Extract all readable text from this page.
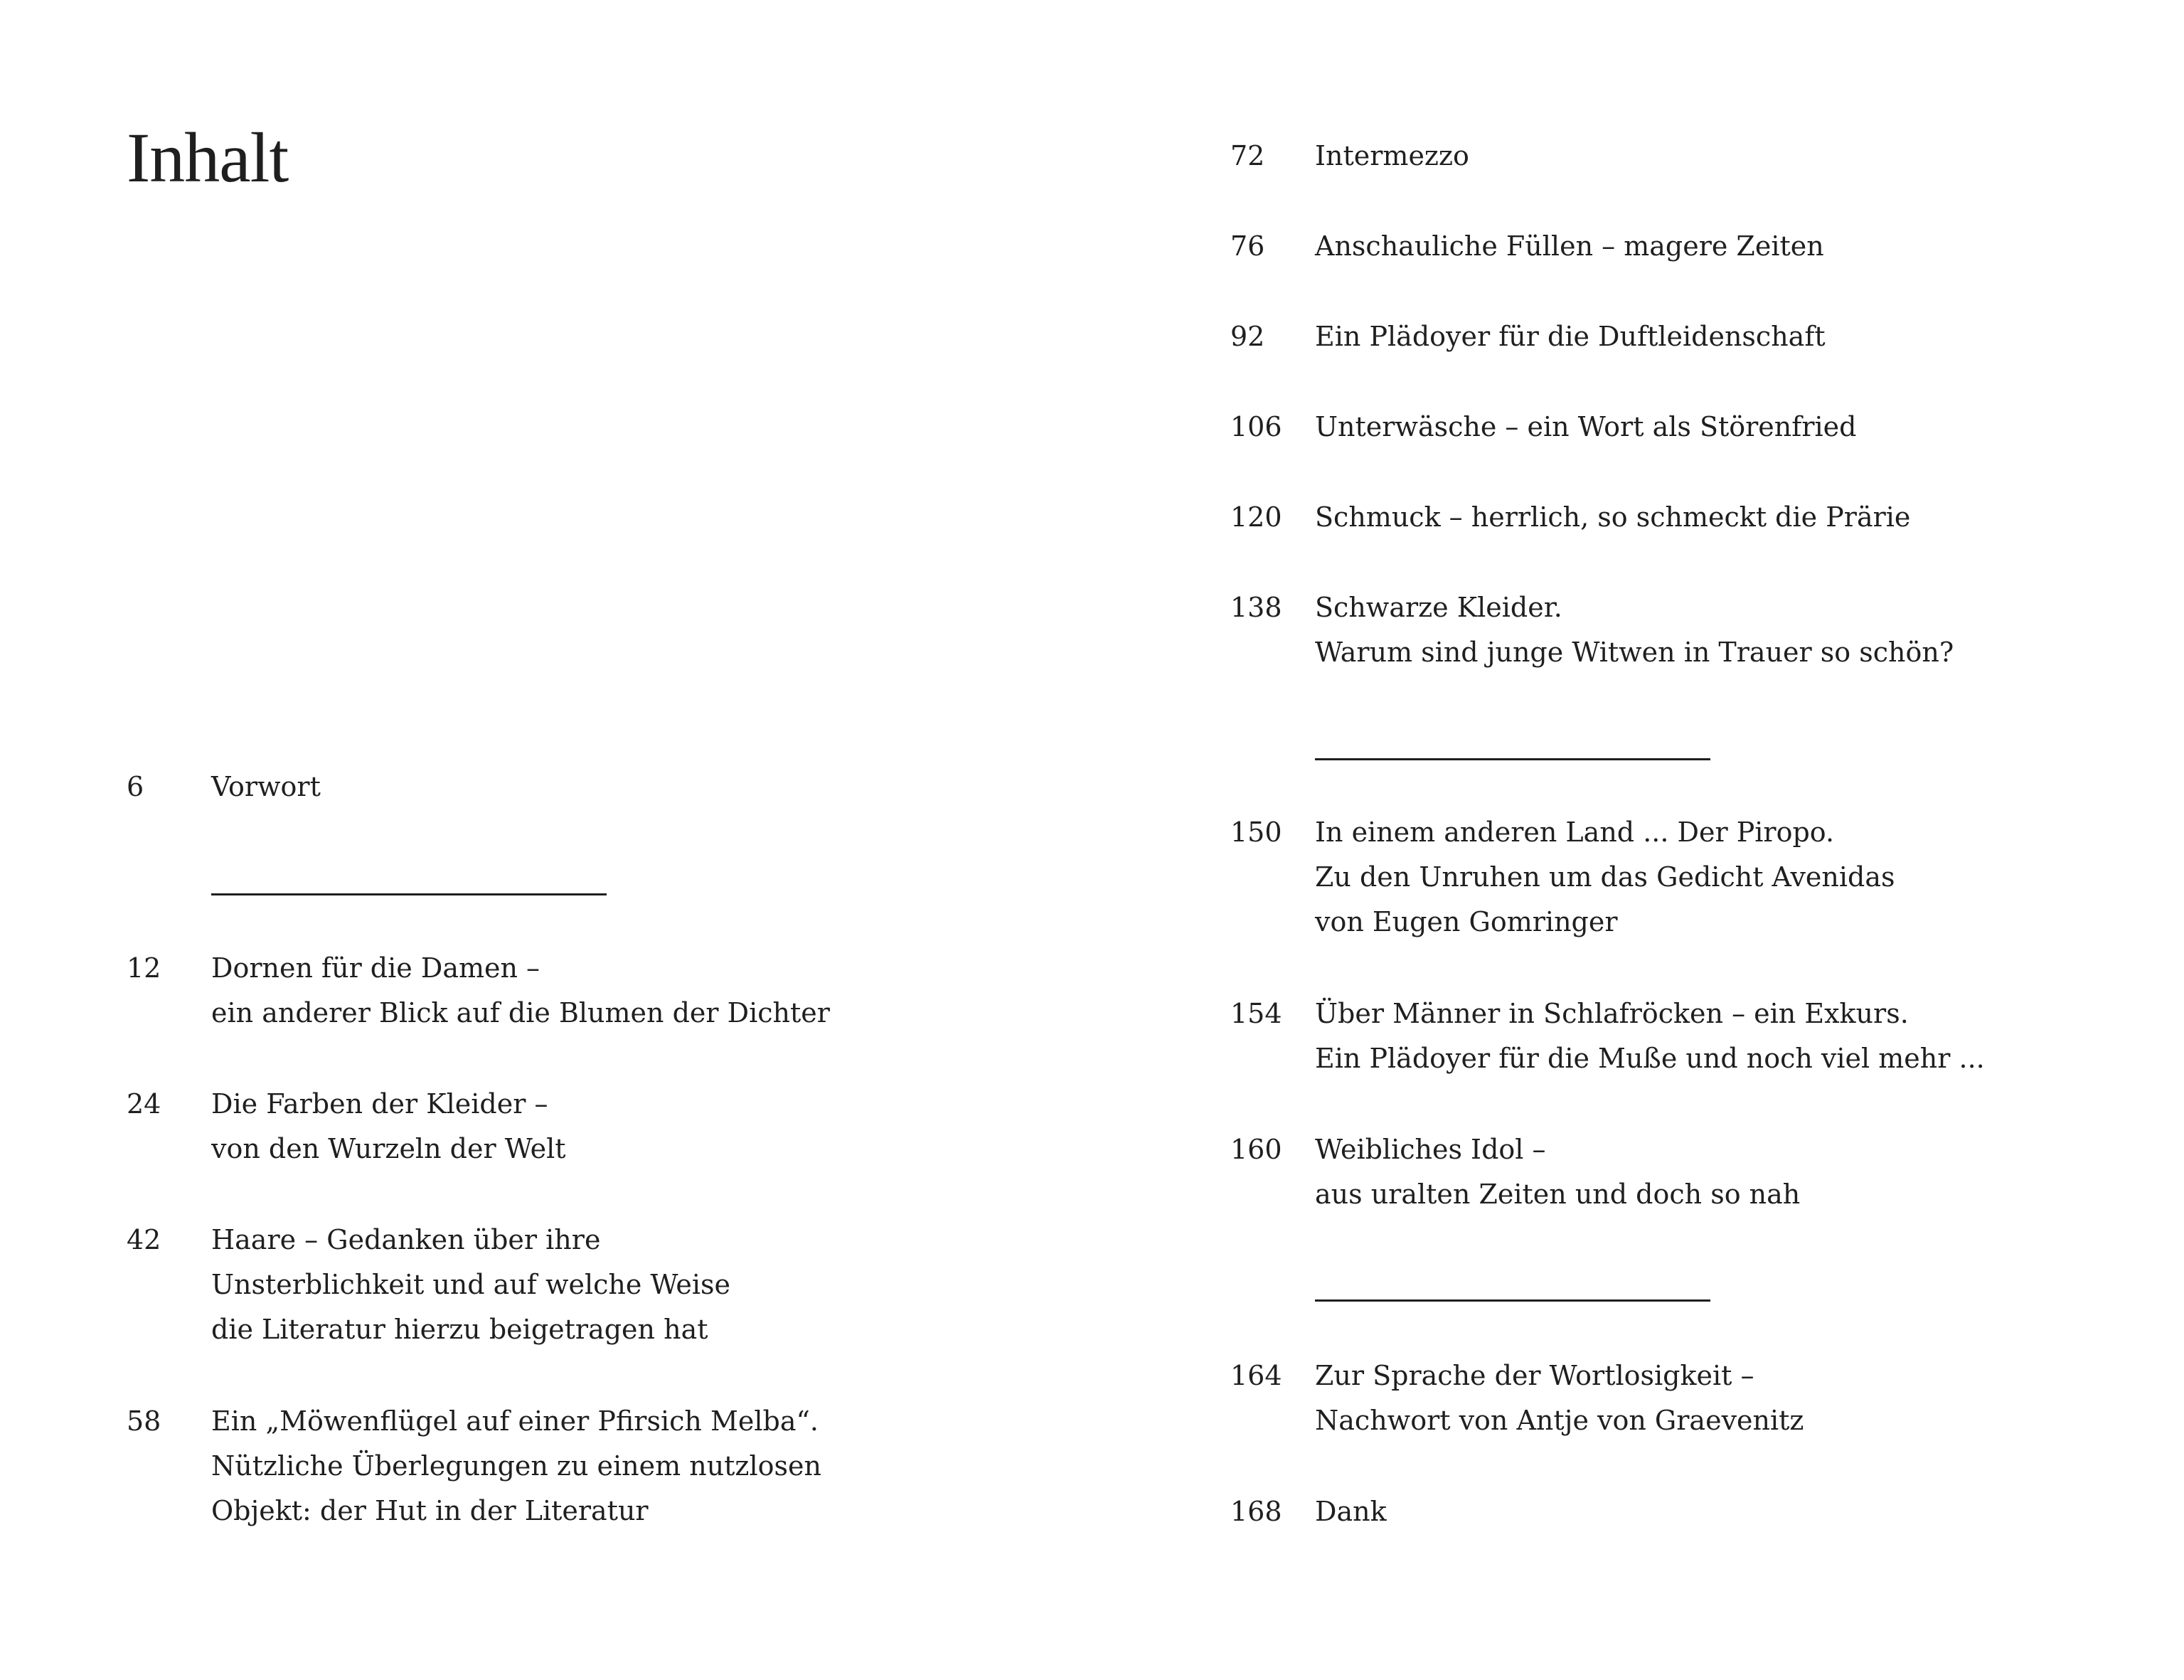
Inhalt
6 Vorwort
12 Dornen für die Damen –
ein anderer Blick auf die Blumen der Dichter
24 Die Farben der Kleider –
von den Wurzeln der Welt
42 Haare – Gedanken über ihre
Unsterblichkeit und auf welche Weise
die Literatur hierzu beigetragen hat
58 Ein „Möwenflügel auf einer Pfirsich Melba“.
Nützliche Überlegungen zu einem nutzlosen
Objekt: der Hut in der Literatur
72 Intermezzo
76 Anschauliche Füllen – magere Zeiten
92 Ein Plädoyer für die Duftleidenschaft
106 Unterwäsche – ein Wort als Störenfried
120 Schmuck – herrlich, so schmeckt die Prärie
138 Schwarze Kleider.
Warum sind junge Witwen in Trauer so schön?
150 In einem anderen Land ... Der Piropo.
Zu den Unruhen um das Gedicht Avenidas
von Eugen Gomringer
154 Über Männer in Schlafröcken – ein Exkurs.
Ein Plädoyer für die Muße und noch viel mehr ...
160 Weibliches Idol –
aus uralten Zeiten und doch so nah
164 Zur Sprache der Wortlosigkeit –
Nachwort von Antje von Graevenitz
168 Dank
